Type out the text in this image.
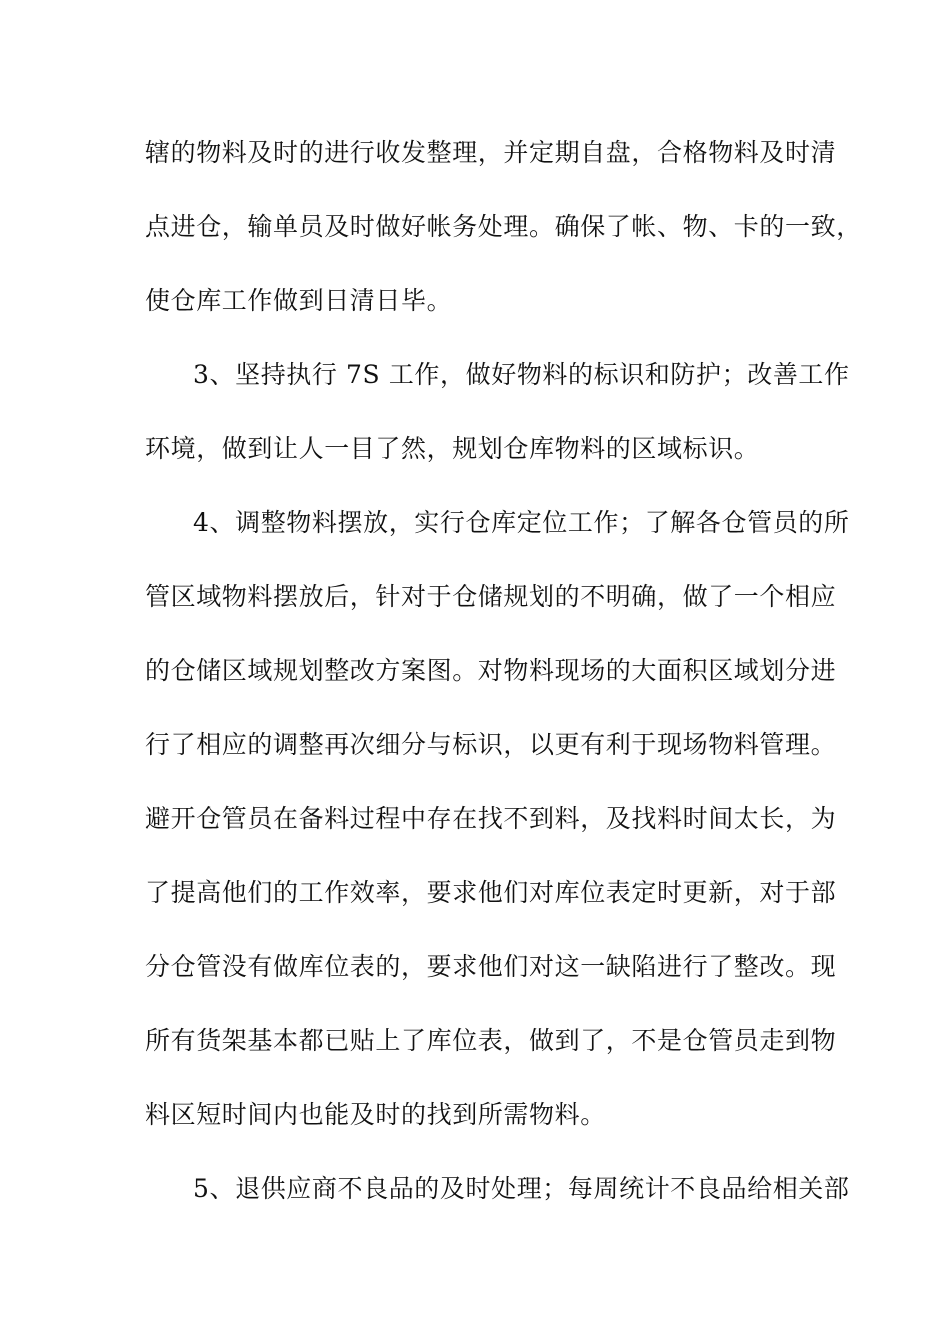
辖的物料及时的进行收发整理，并定期自盘，合格物料及时清
点进仓，输单员及时做好帐务处理。确保了帐、物、卡的一致，
使仓库工作做到日清日毕。
3、坚持执行 7S 工作，做好物料的标识和防护；改善工作
环境，做到让人一目了然，规划仓库物料的区域标识。
4、调整物料摆放，实行仓库定位工作；了解各仓管员的所
管区域物料摆放后，针对于仓储规划的不明确，做了一个相应
的仓储区域规划整改方案图。对物料现场的大面积区域划分进
行了相应的调整再次细分与标识，以更有利于现场物料管理。
避开仓管员在备料过程中存在找不到料，及找料时间太长，为
了提高他们的工作效率，要求他们对库位表定时更新，对于部
分仓管没有做库位表的，要求他们对这一缺陷进行了整改。现
所有货架基本都已贴上了库位表，做到了，不是仓管员走到物
料区短时间内也能及时的找到所需物料。
5、退供应商不良品的及时处理；每周统计不良品给相关部
